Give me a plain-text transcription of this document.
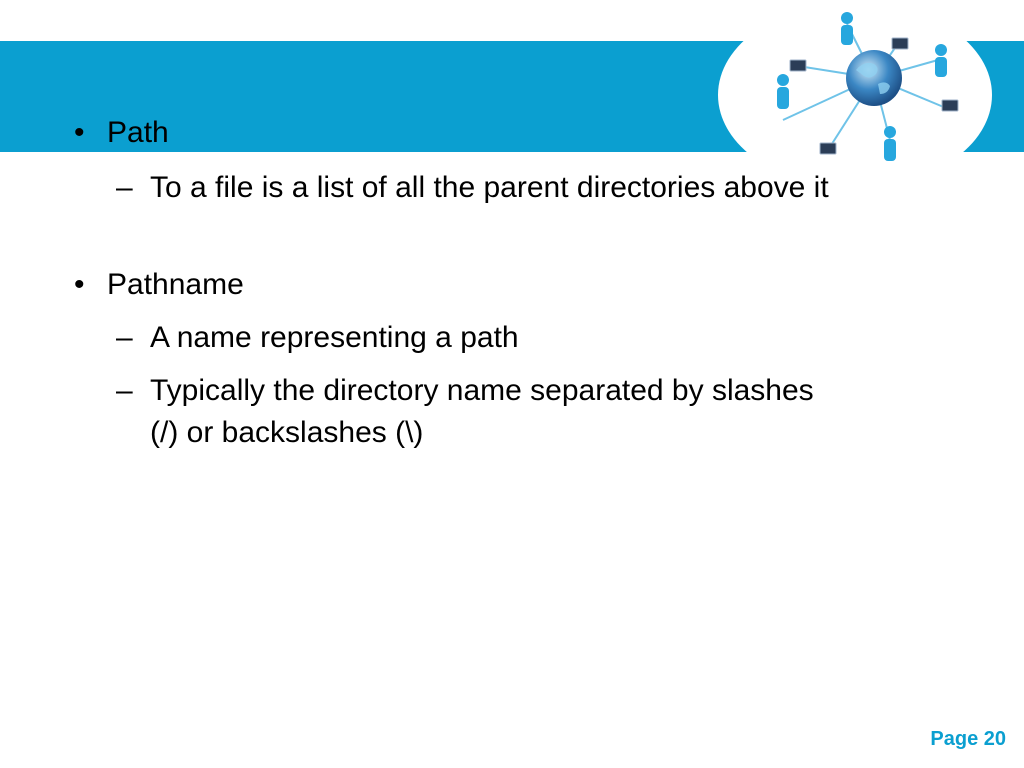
• Path
– To a file is a list of all the parent directories above it
• Pathname
– A name representing a path
– Typically the directory name separated by slashes (/) or backslashes (\)
Page 20
